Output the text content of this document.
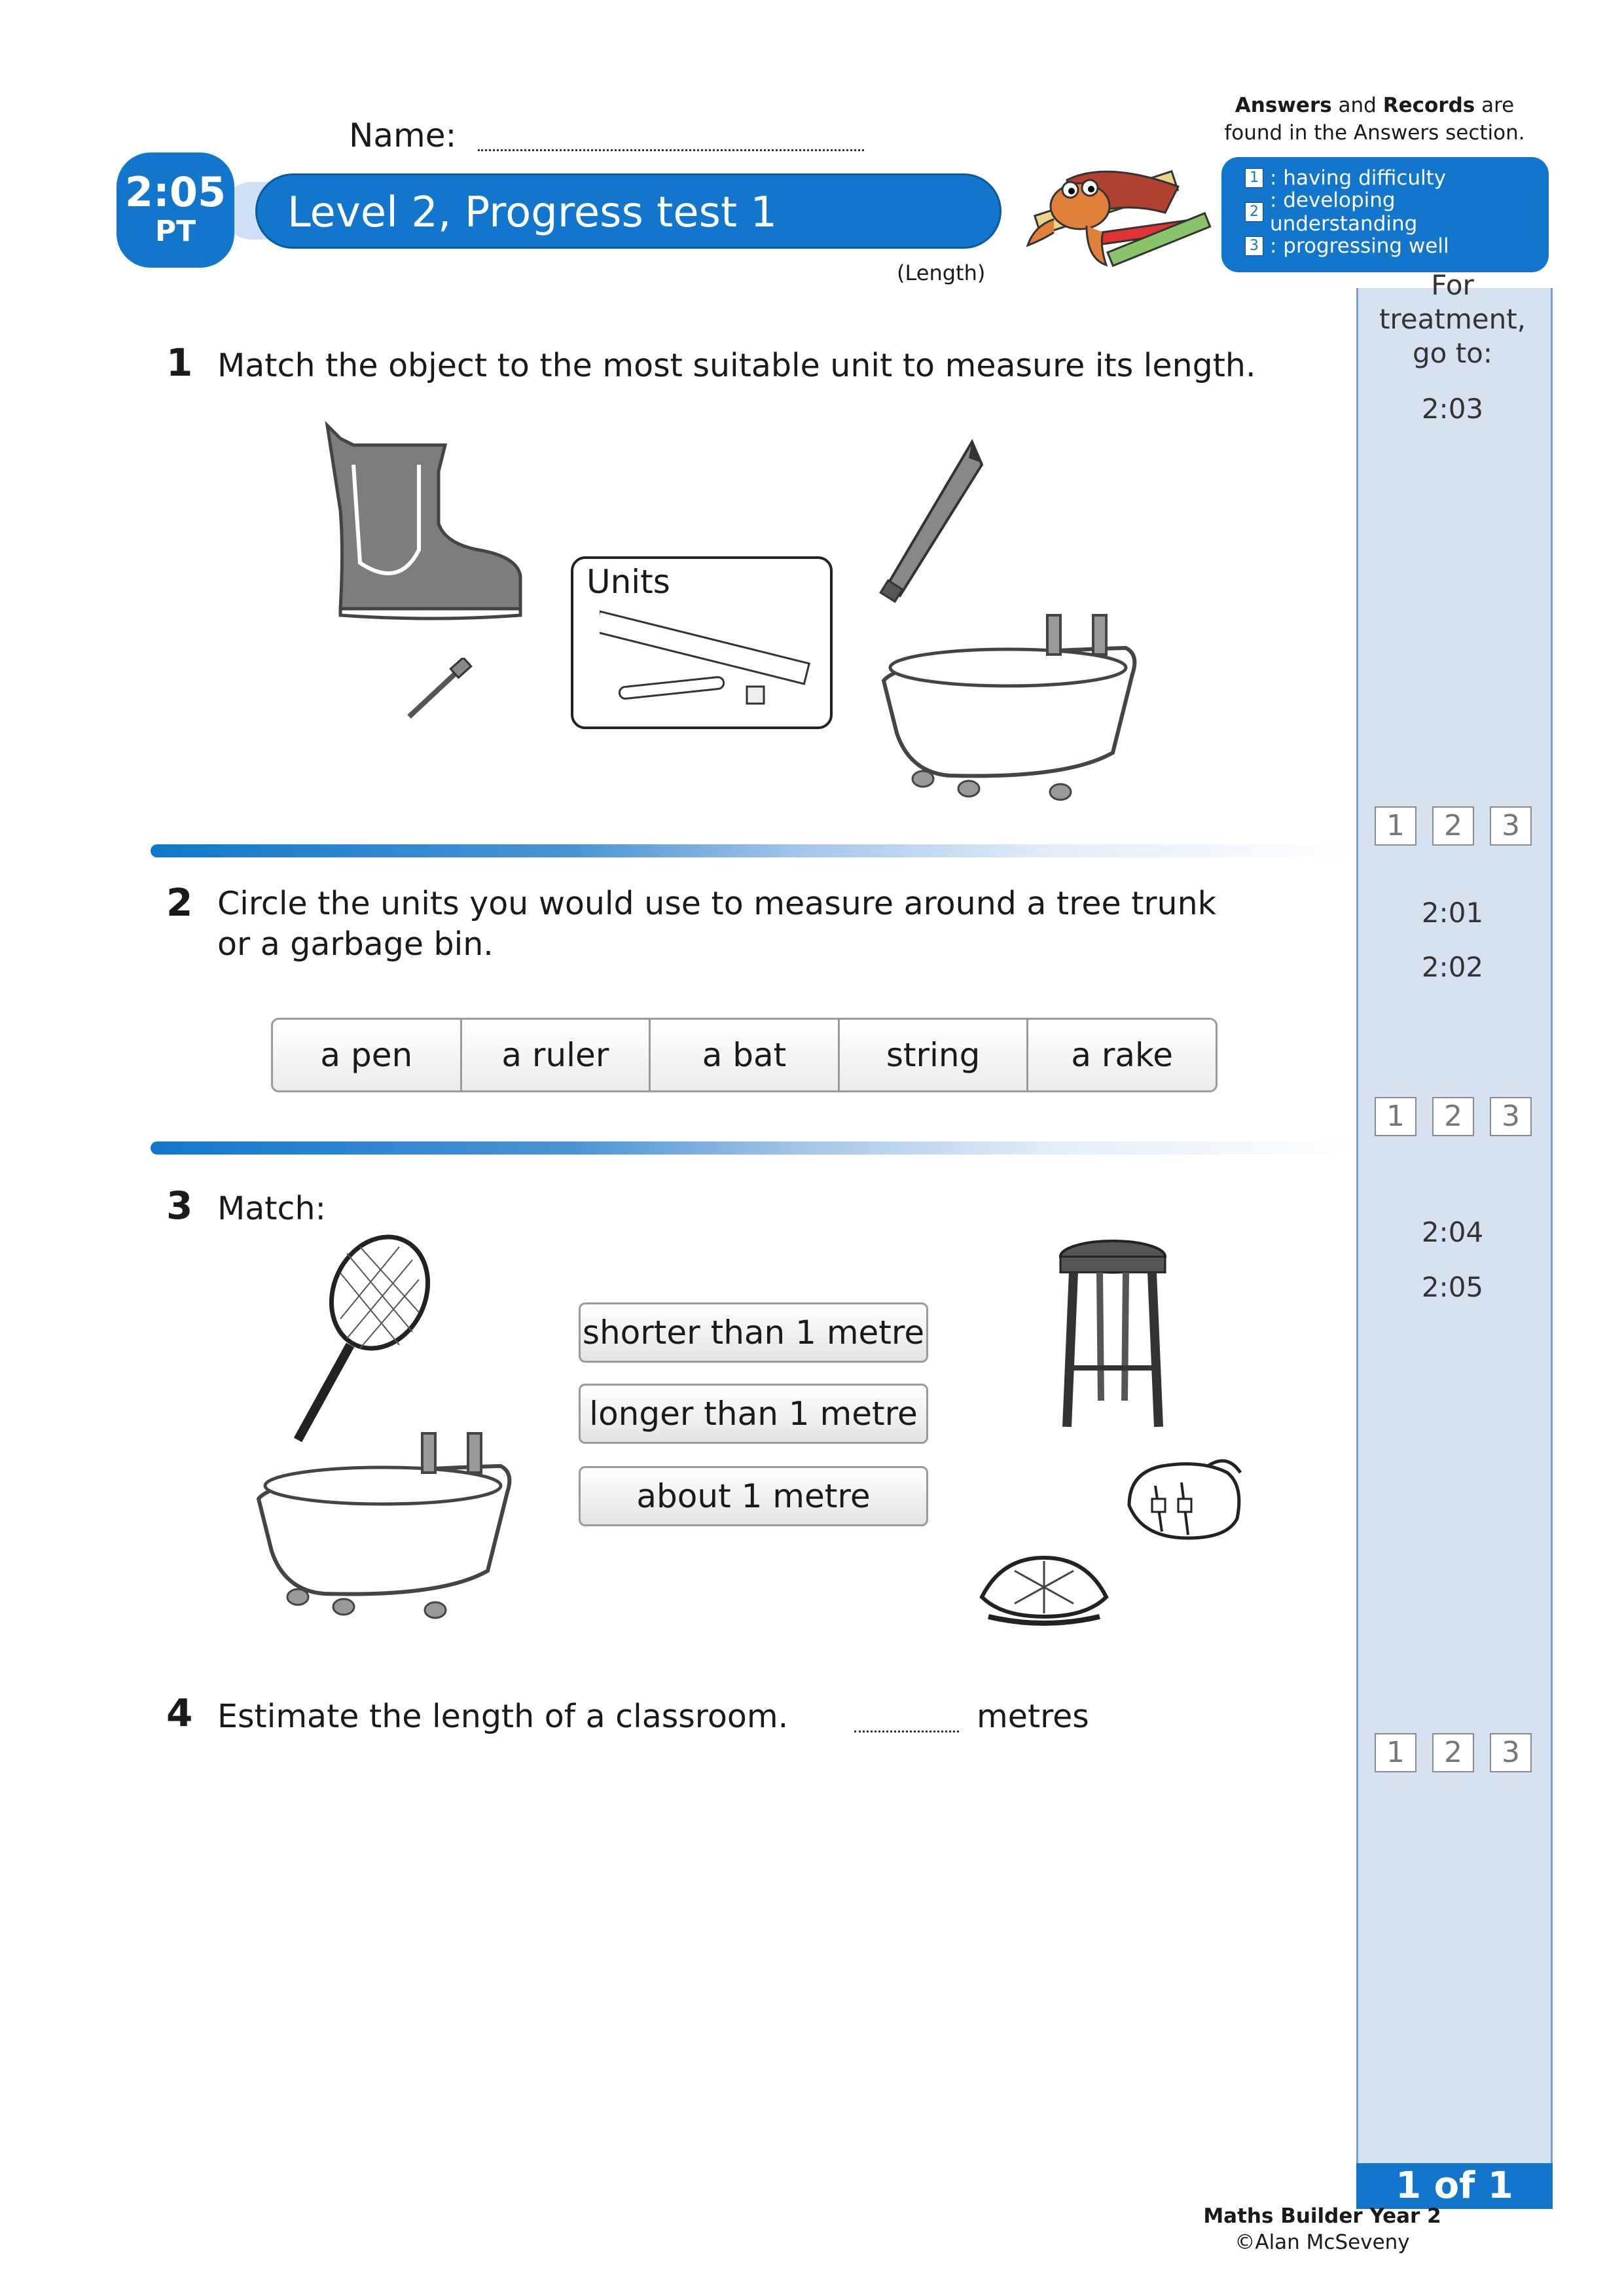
Answers and Records are
found in the Answers section.
1 : having difficulty
2 : developing understanding
3 : progressing well
Name:
Level 2, Progress test 1
2:05
PT
(Length)	For treatment,
go to:
2:03
2:01
2:02
2:04
2:05
1	2	3
1	2	3
1	2	3
1 Match the object to the most suitable unit to measure its length.
Units
2 Circle the units you would use to measure around a tree trunk
or a garbage bin.
a pen	a ruler	a bat	string	a rake
3 Match:
shorter than 1 metre
longer than 1 metre
about 1 metre
4 Estimate the length of a classroom.	metres
1 of 1
Maths Builder Year 2
©Alan McSeveny
